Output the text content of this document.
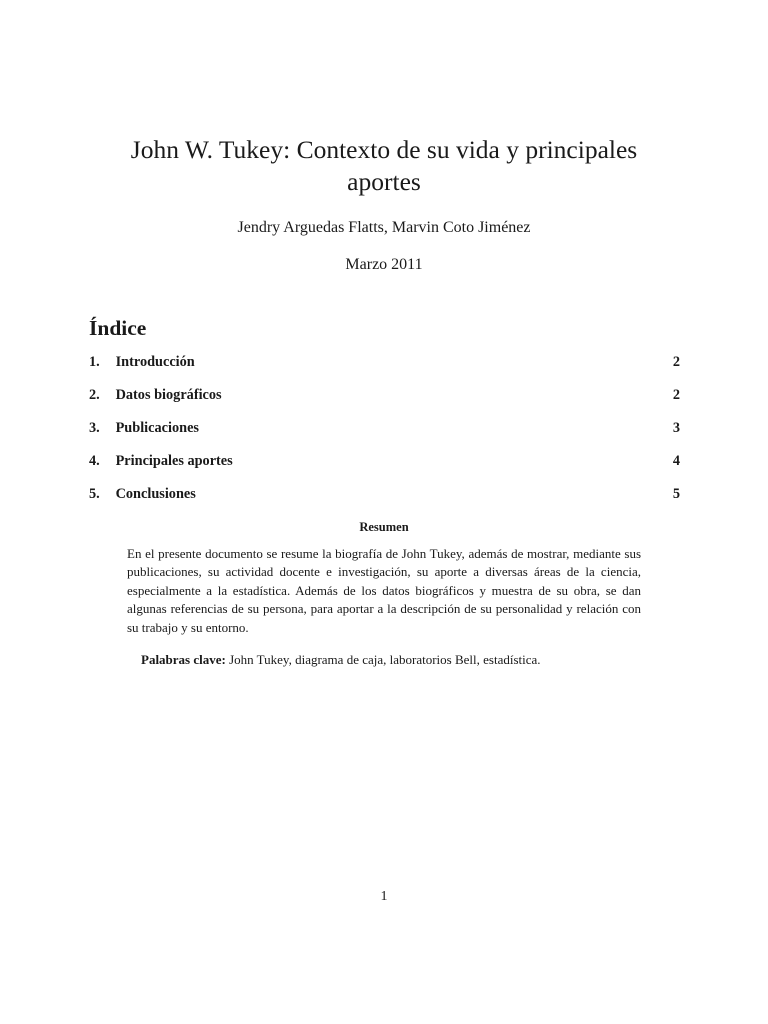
John W. Tukey: Contexto de su vida y principales aportes
Jendry Arguedas Flatts, Marvin Coto Jiménez
Marzo 2011
Índice
1. Introducción	2
2. Datos biográficos	2
3. Publicaciones	3
4. Principales aportes	4
5. Conclusiones	5
Resumen
En el presente documento se resume la biografía de John Tukey, además de mostrar, mediante sus publicaciones, su actividad docente e investigación, su aporte a diversas áreas de la ciencia, especialmente a la estadística. Además de los datos biográficos y muestra de su obra, se dan algunas referencias de su persona, para aportar a la descripción de su personalidad y relación con su trabajo y su entorno.
Palabras clave: John Tukey, diagrama de caja, laboratorios Bell, estadística.
1
